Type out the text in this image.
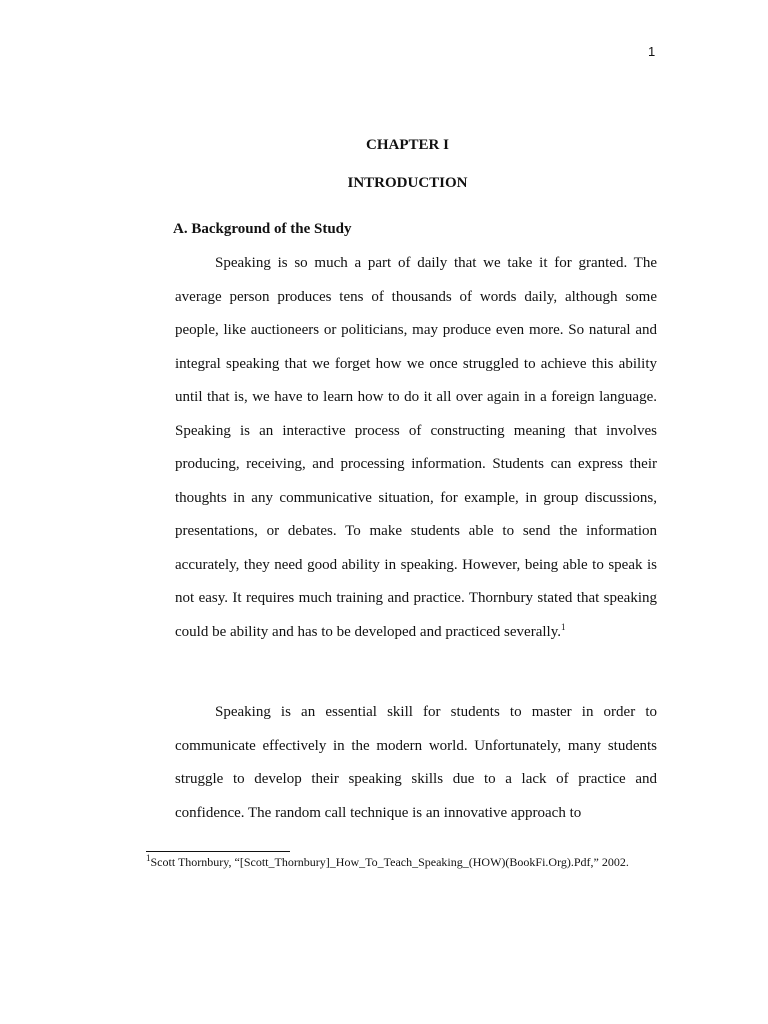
1
CHAPTER I
INTRODUCTION
A. Background of the Study

Speaking is so much a part of daily that we take it for granted. The average person produces tens of thousands of words daily, although some people, like auctioneers or politicians, may produce even more. So natural and integral speaking that we forget how we once struggled to achieve this ability until that is, we have to learn how to do it all over again in a foreign language. Speaking is an interactive process of constructing meaning that involves producing, receiving, and processing information. Students can express their thoughts in any communicative situation, for example, in group discussions, presentations, or debates. To make students able to send the information accurately, they need good ability in speaking. However, being able to speak is not easy. It requires much training and practice. Thornbury stated that speaking could be ability and has to be developed and practiced severally.$^1$

Speaking is an essential skill for students to master in order to communicate effectively in the modern world. Unfortunately, many students struggle to develop their speaking skills due to a lack of practice and confidence. The random call technique is an innovative approach to

$^1$Scott Thornbury, “[Scott_Thornbury]_How_To_Teach_Speaking_(HOW)(BookFi.Org).Pdf,” 2002.
